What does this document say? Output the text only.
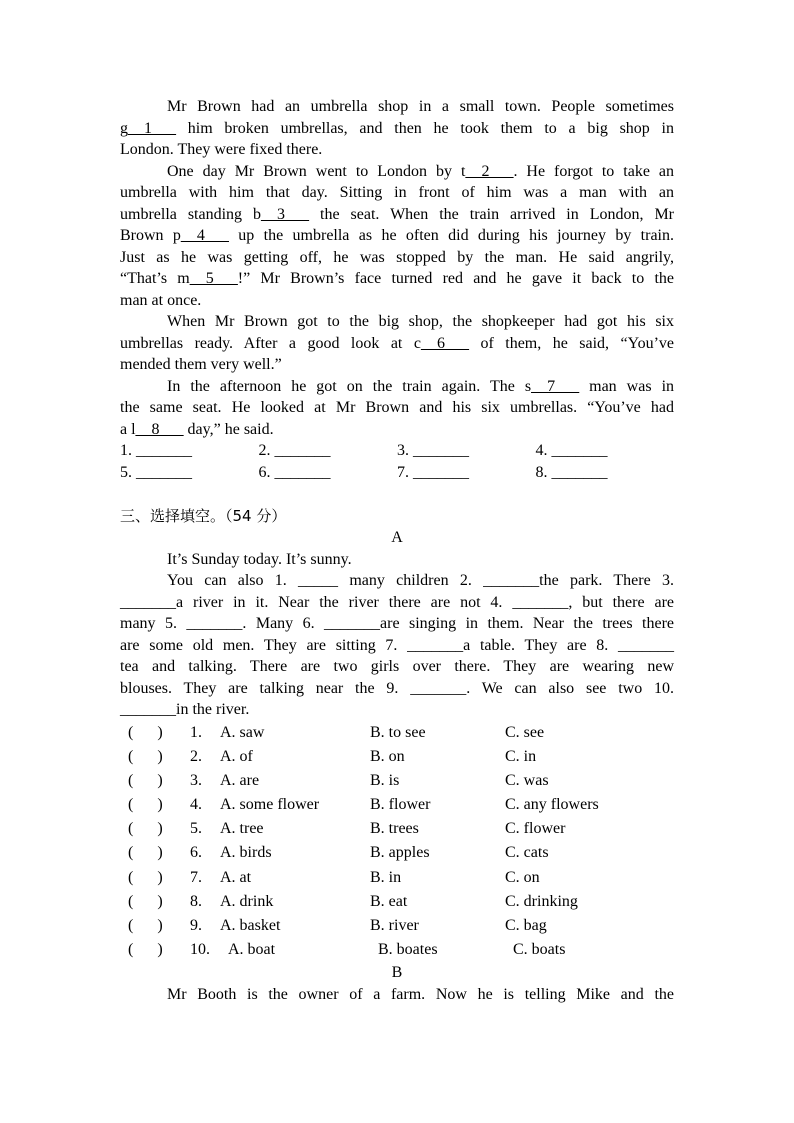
Mr Brown had an umbrella shop in a small town. People sometimes
g__1___ him broken umbrellas, and then he took them to a big shop in
London. They were fixed there.
One day Mr Brown went to London by t__2___. He forgot to take an
umbrella with him that day. Sitting in front of him was a man with an
umbrella standing b__3___ the seat. When the train arrived in London, Mr
Brown p__4___ up the umbrella as he often did during his journey by train.
Just as he was getting off, he was stopped by the man. He said angrily,
“That’s m__5___!” Mr Brown’s face turned red and he gave it back to the
man at once.
When Mr Brown got to the big shop, the shopkeeper had got his six
umbrellas ready. After a good look at c__6___ of them, he said, “You’ve
mended them very well.”
In the afternoon he got on the train again. The s__7___ man was in
the same seat. He looked at Mr Brown and his six umbrellas. “You’ve had
a l__8___ day,” he said.
1. _______	2. _______	3. _______	4. _______
5. _______	6. _______	7. _______	8. _______
三、选择填空。（54 分）
A
It’s Sunday today. It’s sunny.
You can also 1. _____ many children 2. _______the park. There 3.
_______a river in it. Near the river there are not 4. _______, but there are
many 5. _______. Many 6. _______are singing in them. Near the trees there
are some old men. They are sitting 7. _______a table. They are 8. _______
tea and talking. There are two girls over there. They are wearing new
blouses. They are talking near the 9. _______. We can also see two 10.
_______in the river.
(      )	1.	A. saw	B. to see	C. see
(      )	2.	A. of	B. on	C. in
(      )	3.	A. are	B. is	C. was
(      )	4.	A. some flower	B. flower	C. any flowers
(      )	5.	A. tree	B. trees	C. flower
(      )	6.	A. birds	B. apples	C. cats
(      )	7.	A. at	B. in	C. on
(      )	8.	A. drink	B. eat	C. drinking
(      )	9.	A. basket	B. river	C. bag
(      )	10.	A. boat	B. boates	C. boats
B
Mr Booth is the owner of a farm. Now he is telling Mike and the
